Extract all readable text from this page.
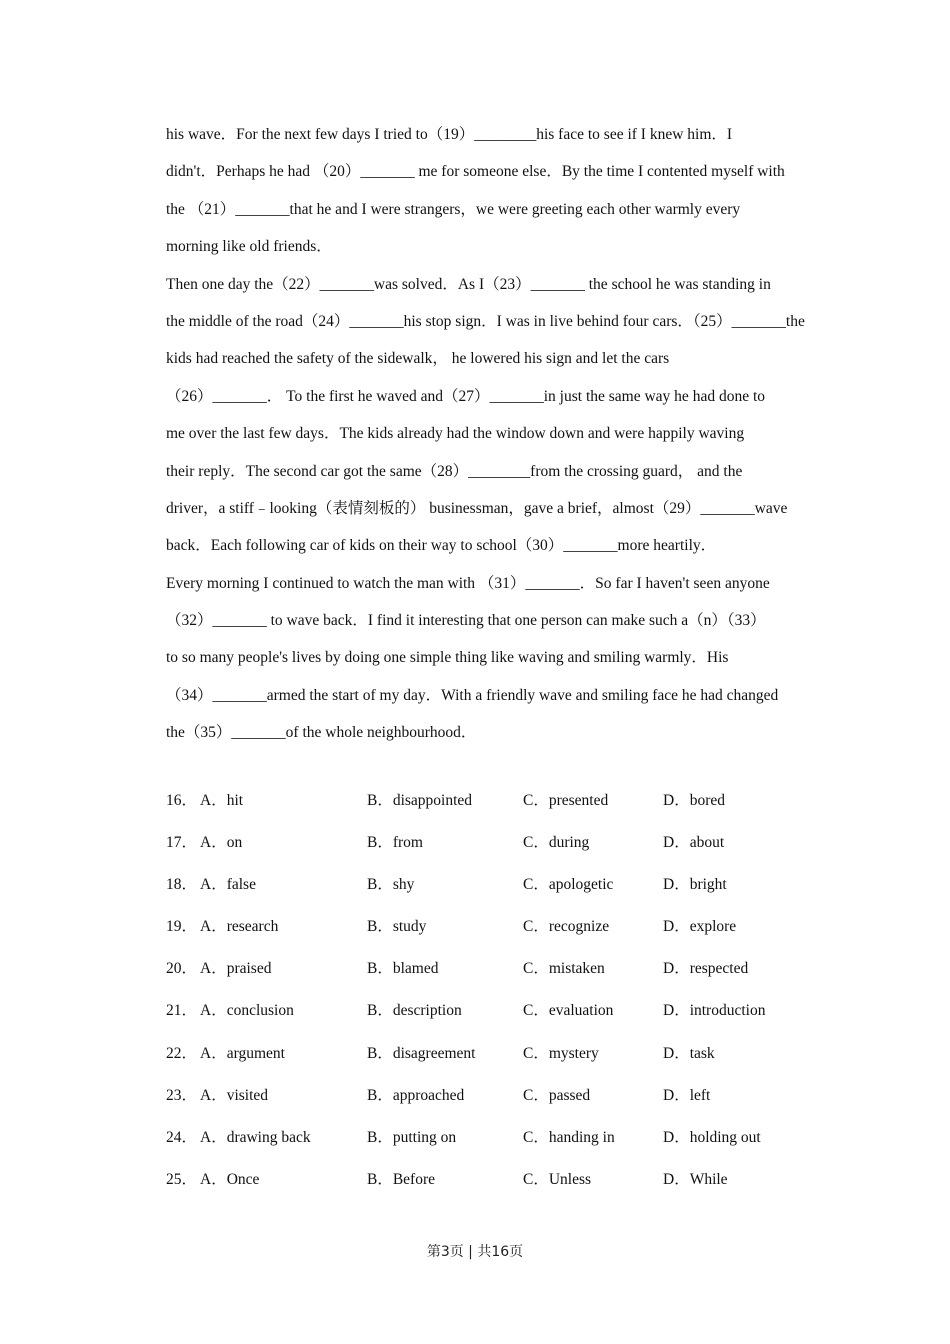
his wave．For the next few days I tried to（19）________his face to see if I knew him．I
didn't．Perhaps he had （20）_______ me for someone else．By the time I contented myself with
the （21）_______that he and I were strangers，we were greeting each other warmly every
morning like old friends．
Then one day the（22）_______was solved．As I（23）_______ the school he was standing in
the middle of the road（24）_______his stop sign．I was in live behind four cars．（25）_______the
kids had reached the safety of the sidewalk， he lowered his sign and let the cars
（26）_______． To the first he waved and（27）_______in just the same way he had done to
me over the last few days．The kids already had the window down and were happily waving
their reply．The second car got the same（28）________from the crossing guard， and the
driver，a stiff﹣looking（表情刻板的） businessman，gave a brief，almost（29）_______wave
back．Each following car of kids on their way to school（30）_______more heartily．
Every morning I continued to watch the man with （31）_______．So far I haven't seen anyone
（32）_______ to wave back．I find it interesting that one person can make such a（n）（33）
to so many people's lives by doing one simple thing like waving and smiling warmly．His
（34）_______armed the start of my day．With a friendly wave and smiling face he had changed
the（35）_______of the whole neighbourhood．
16． A．hit	B．disappointed	C．presented	D．bored
17． A．on	B．from	C．during	D．about
18． A．false	B．shy	C．apologetic	D．bright
19． A．research	B．study	C．recognize	D．explore
20． A．praised	B．blamed	C．mistaken	D．respected
21． A．conclusion	B．description	C．evaluation	D．introduction
22． A．argument	B．disagreement	C．mystery	D．task
23． A．visited	B．approached	C．passed	D．left
24． A．drawing back	B．putting on	C．handing in	D．holding out
25． A．Once	B．Before	C．Unless	D．While
第3页 | 共16页
